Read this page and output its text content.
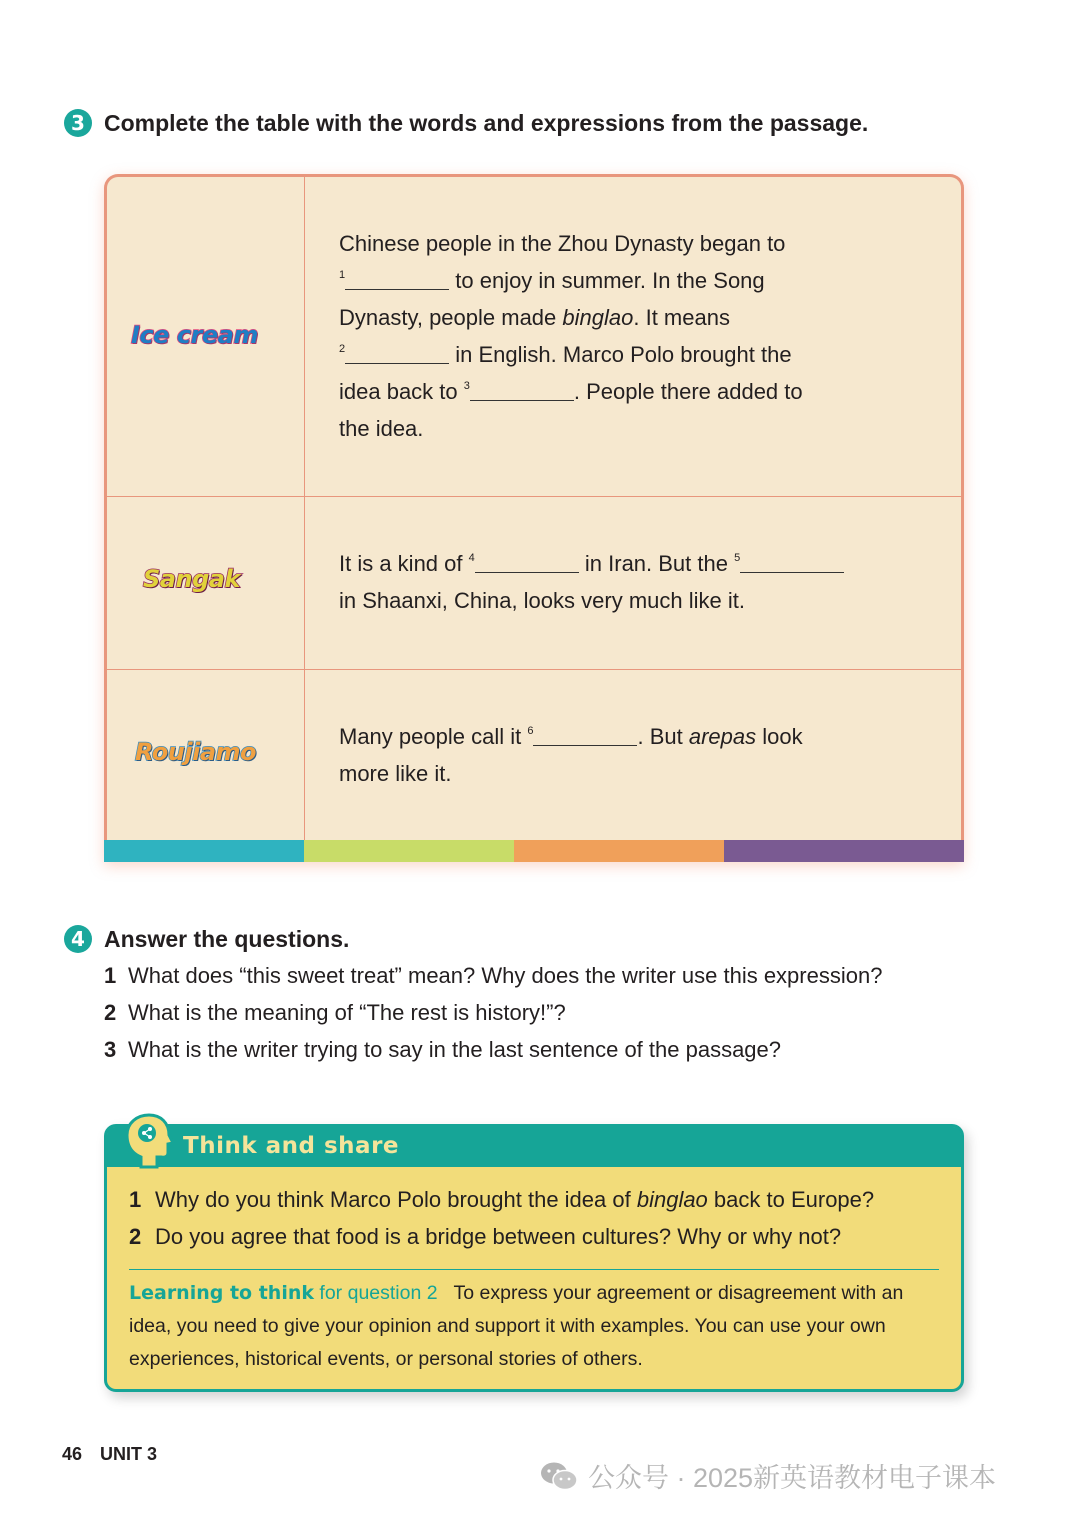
3 Complete the table with the words and expressions from the passage.
Ice cream
Chinese people in the Zhou Dynasty began to
$^1$	to enjoy in summer. In the Song
Dynasty, people made binglao. It means
$^2$	in English. Marco Polo brought the
idea back to $^3$	. People there added to
the idea.
Sangak
It is a kind of $^4$	in Iran. But the $^5$
in Shaanxi, China, looks very much like it.
Roujiamo
Many people call it $^6$	. But arepas look
more like it.
4 Answer the questions.
1 What does “this sweet treat” mean? Why does the writer use this expression?
2 What is the meaning of “The rest is history!”?
3 What is the writer trying to say in the last sentence of the passage?
Think and share
1 Why do you think Marco Polo brought the idea of binglao back to Europe?
2 Do you agree that food is a bridge between cultures? Why or why not?
Learning to think for question 2 To express your agreement or disagreement with an idea, you need to give your opinion and support it with examples. You can use your own experiences, historical events, or personal stories of others.
46 UNIT 3
公众号 · 2025新英语教材电子课本
